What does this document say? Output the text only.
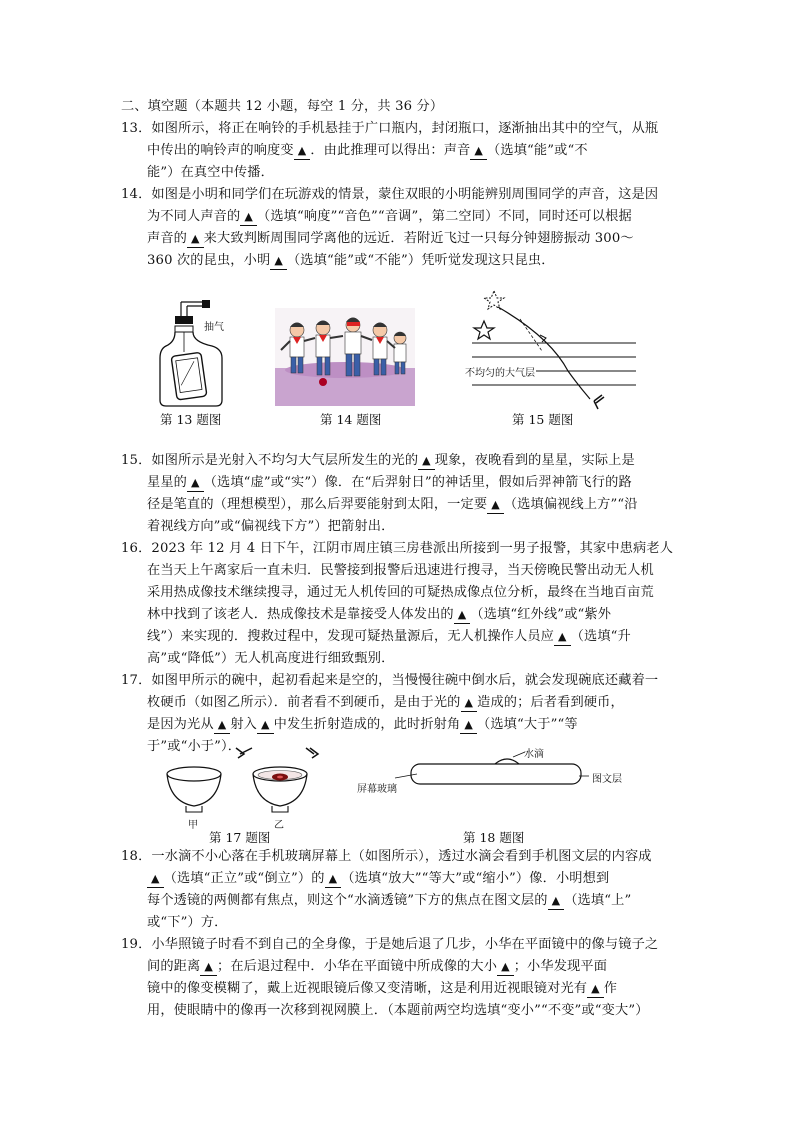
二、填空题（本题共 12 小题，每空 1 分，共 36 分）
13．如图所示，将正在响铃的手机悬挂于广口瓶内，封闭瓶口，逐渐抽出其中的空气，从瓶
中传出的响铃声的响度变 ▲ ．由此推理可以得出：声音 ▲ （选填“能”或“不
能”）在真空中传播．
14．如图是小明和同学们在玩游戏的情景，蒙住双眼的小明能辨别周围同学的声音，这是因
为不同人声音的 ▲ （选填“响度”“音色”“音调”，第二空同）不同，同时还可以根据
声音的 ▲ 来大致判断周围同学离他的远近．若附近飞过一只每分钟翅膀振动 300～
360 次的昆虫，小明 ▲ （选填“能”或“不能”）凭听觉发现这只昆虫．
抽气
第 13 题图	第 14 题图
不均匀的大气层
第 15 题图
15．如图所示是光射入不均匀大气层所发生的光的 ▲ 现象，夜晚看到的星星，实际上是
星星的 ▲ （选填“虚”或“实”）像．在“后羿射日”的神话里，假如后羿神箭飞行的路
径是笔直的（理想模型），那么后羿要能射到太阳，一定要 ▲ （选填偏视线上方”“沿
着视线方向”或“偏视线下方”）把箭射出．
16．2023 年 12 月 4 日下午，江阴市周庄镇三房巷派出所接到一男子报警，其家中患病老人
在当天上午离家后一直未归．民警接到报警后迅速进行搜寻，当天傍晚民警出动无人机
采用热成像技术继续搜寻，通过无人机传回的可疑热成像点位分析，最终在当地百亩荒
林中找到了该老人．热成像技术是靠接受人体发出的 ▲ （选填“红外线”或“紫外
线”）来实现的．搜救过程中，发现可疑热量源后，无人机操作人员应 ▲ （选填“升
高”或“降低”）无人机高度进行细致甄别．
17．如图甲所示的碗中，起初看起来是空的，当慢慢往碗中倒水后，就会发现碗底还藏着一
枚硬币（如图乙所示）．前者看不到硬币，是由于光的 ▲ 造成的；后者看到硬币，
是因为光从 ▲ 射入 ▲ 中发生折射造成的，此时折射角 ▲ （选填“大于”“等
于”或“小于”）．
甲	乙
第 17 题图
水滴
屏幕玻璃
图文层
第 18 题图
18．一水滴不小心落在手机玻璃屏幕上（如图所示），透过水滴会看到手机图文层的内容成
▲ （选填“正立”或“倒立”）的 ▲ （选填“放大”“等大”或“缩小”）像．小明想到
每个透镜的两侧都有焦点，则这个“水滴透镜”下方的焦点在图文层的 ▲ （选填“上”
或“下”）方．
19．小华照镜子时看不到自己的全身像，于是她后退了几步，小华在平面镜中的像与镜子之
间的距离 ▲ ；在后退过程中．小华在平面镜中所成像的大小 ▲ ；小华发现平面
镜中的像变模糊了，戴上近视眼镜后像又变清晰，这是利用近视眼镜对光有 ▲ 作
用，使眼睛中的像再一次移到视网膜上．（本题前两空均选填“变小”“不变”或“变大”）
